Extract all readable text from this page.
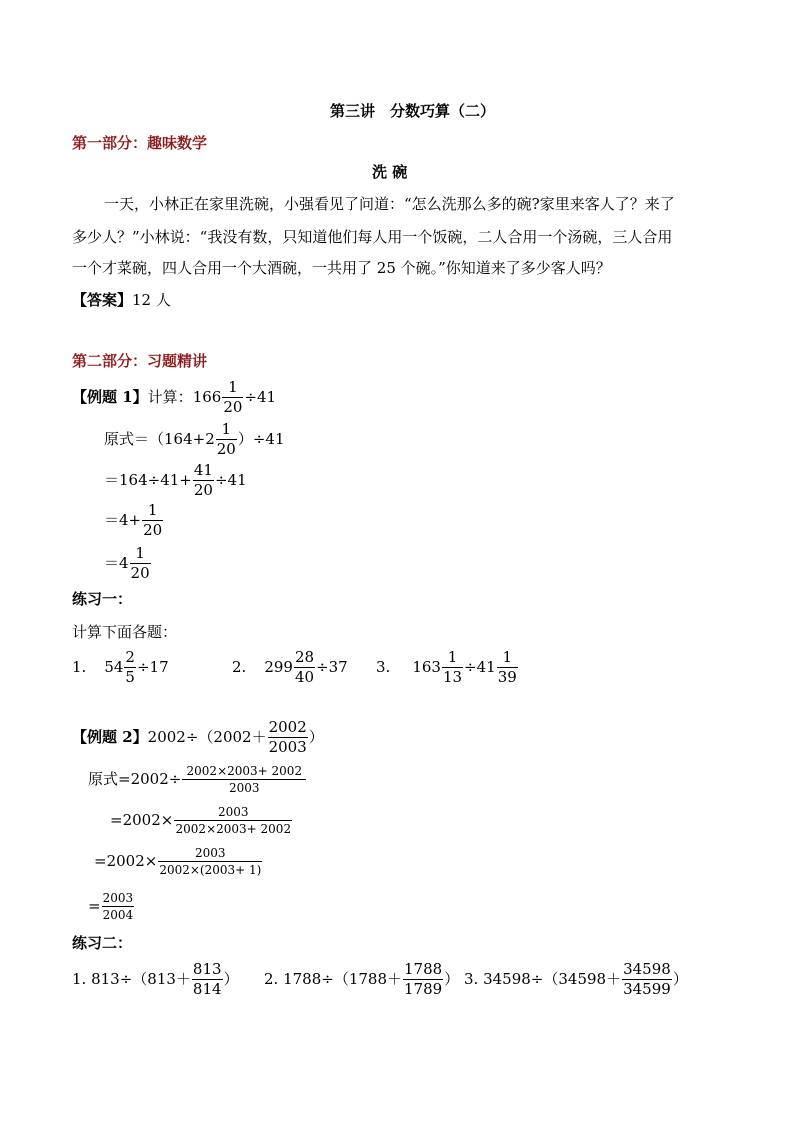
第三讲　分数巧算（二）
第一部分：趣味数学
洗 碗
一天，小林正在家里洗碗，小强看见了问道：“怎么洗那么多的碗?家里来客人了？来了
多少人？”小林说：“我没有数，只知道他们每人用一个饭碗，二人合用一个汤碗，三人合用
一个才菜碗，四人合用一个大酒碗，一共用了 25 个碗。”你知道来了多少客人吗？
【答案】12 人
第二部分：习题精讲
【例题 1】 计算： $166 \frac{1}{20} \div 41$
原式$=(164+2 \frac{1}{20} )\div 41$
$=164\div 41+ \frac{41}{20} \div 41$
$=4+ \frac{1}{20}$
$=4 \frac{1}{20}$
练习一：
计算下面各题：
1. $54 \frac{2}{5} \div 17$	2. $299 \frac{28}{40} \div 37$ 3. $163 \frac{1}{13} \div 41 \frac{1}{39}$
【例题 2】 $2002\div(2002+ \frac{2002}{2003}$ ）
原式$=2002\div \frac{2002\times 2003+ 2002}{2003}$
$=2002\times \frac{2003}{2002\times 2003+ 2002}$
$=2002\times \frac{2003}{2002\times(2003+ 1)}$
= $\frac{2003}{2004}$
练习二：
1. $813\div(813+ \frac{813}{814}$ ） 2. $1788\div(1788+ \frac{1788}{1789}$ ） 3. $34598\div(34598+ \frac{34598}{34599}$ ）
